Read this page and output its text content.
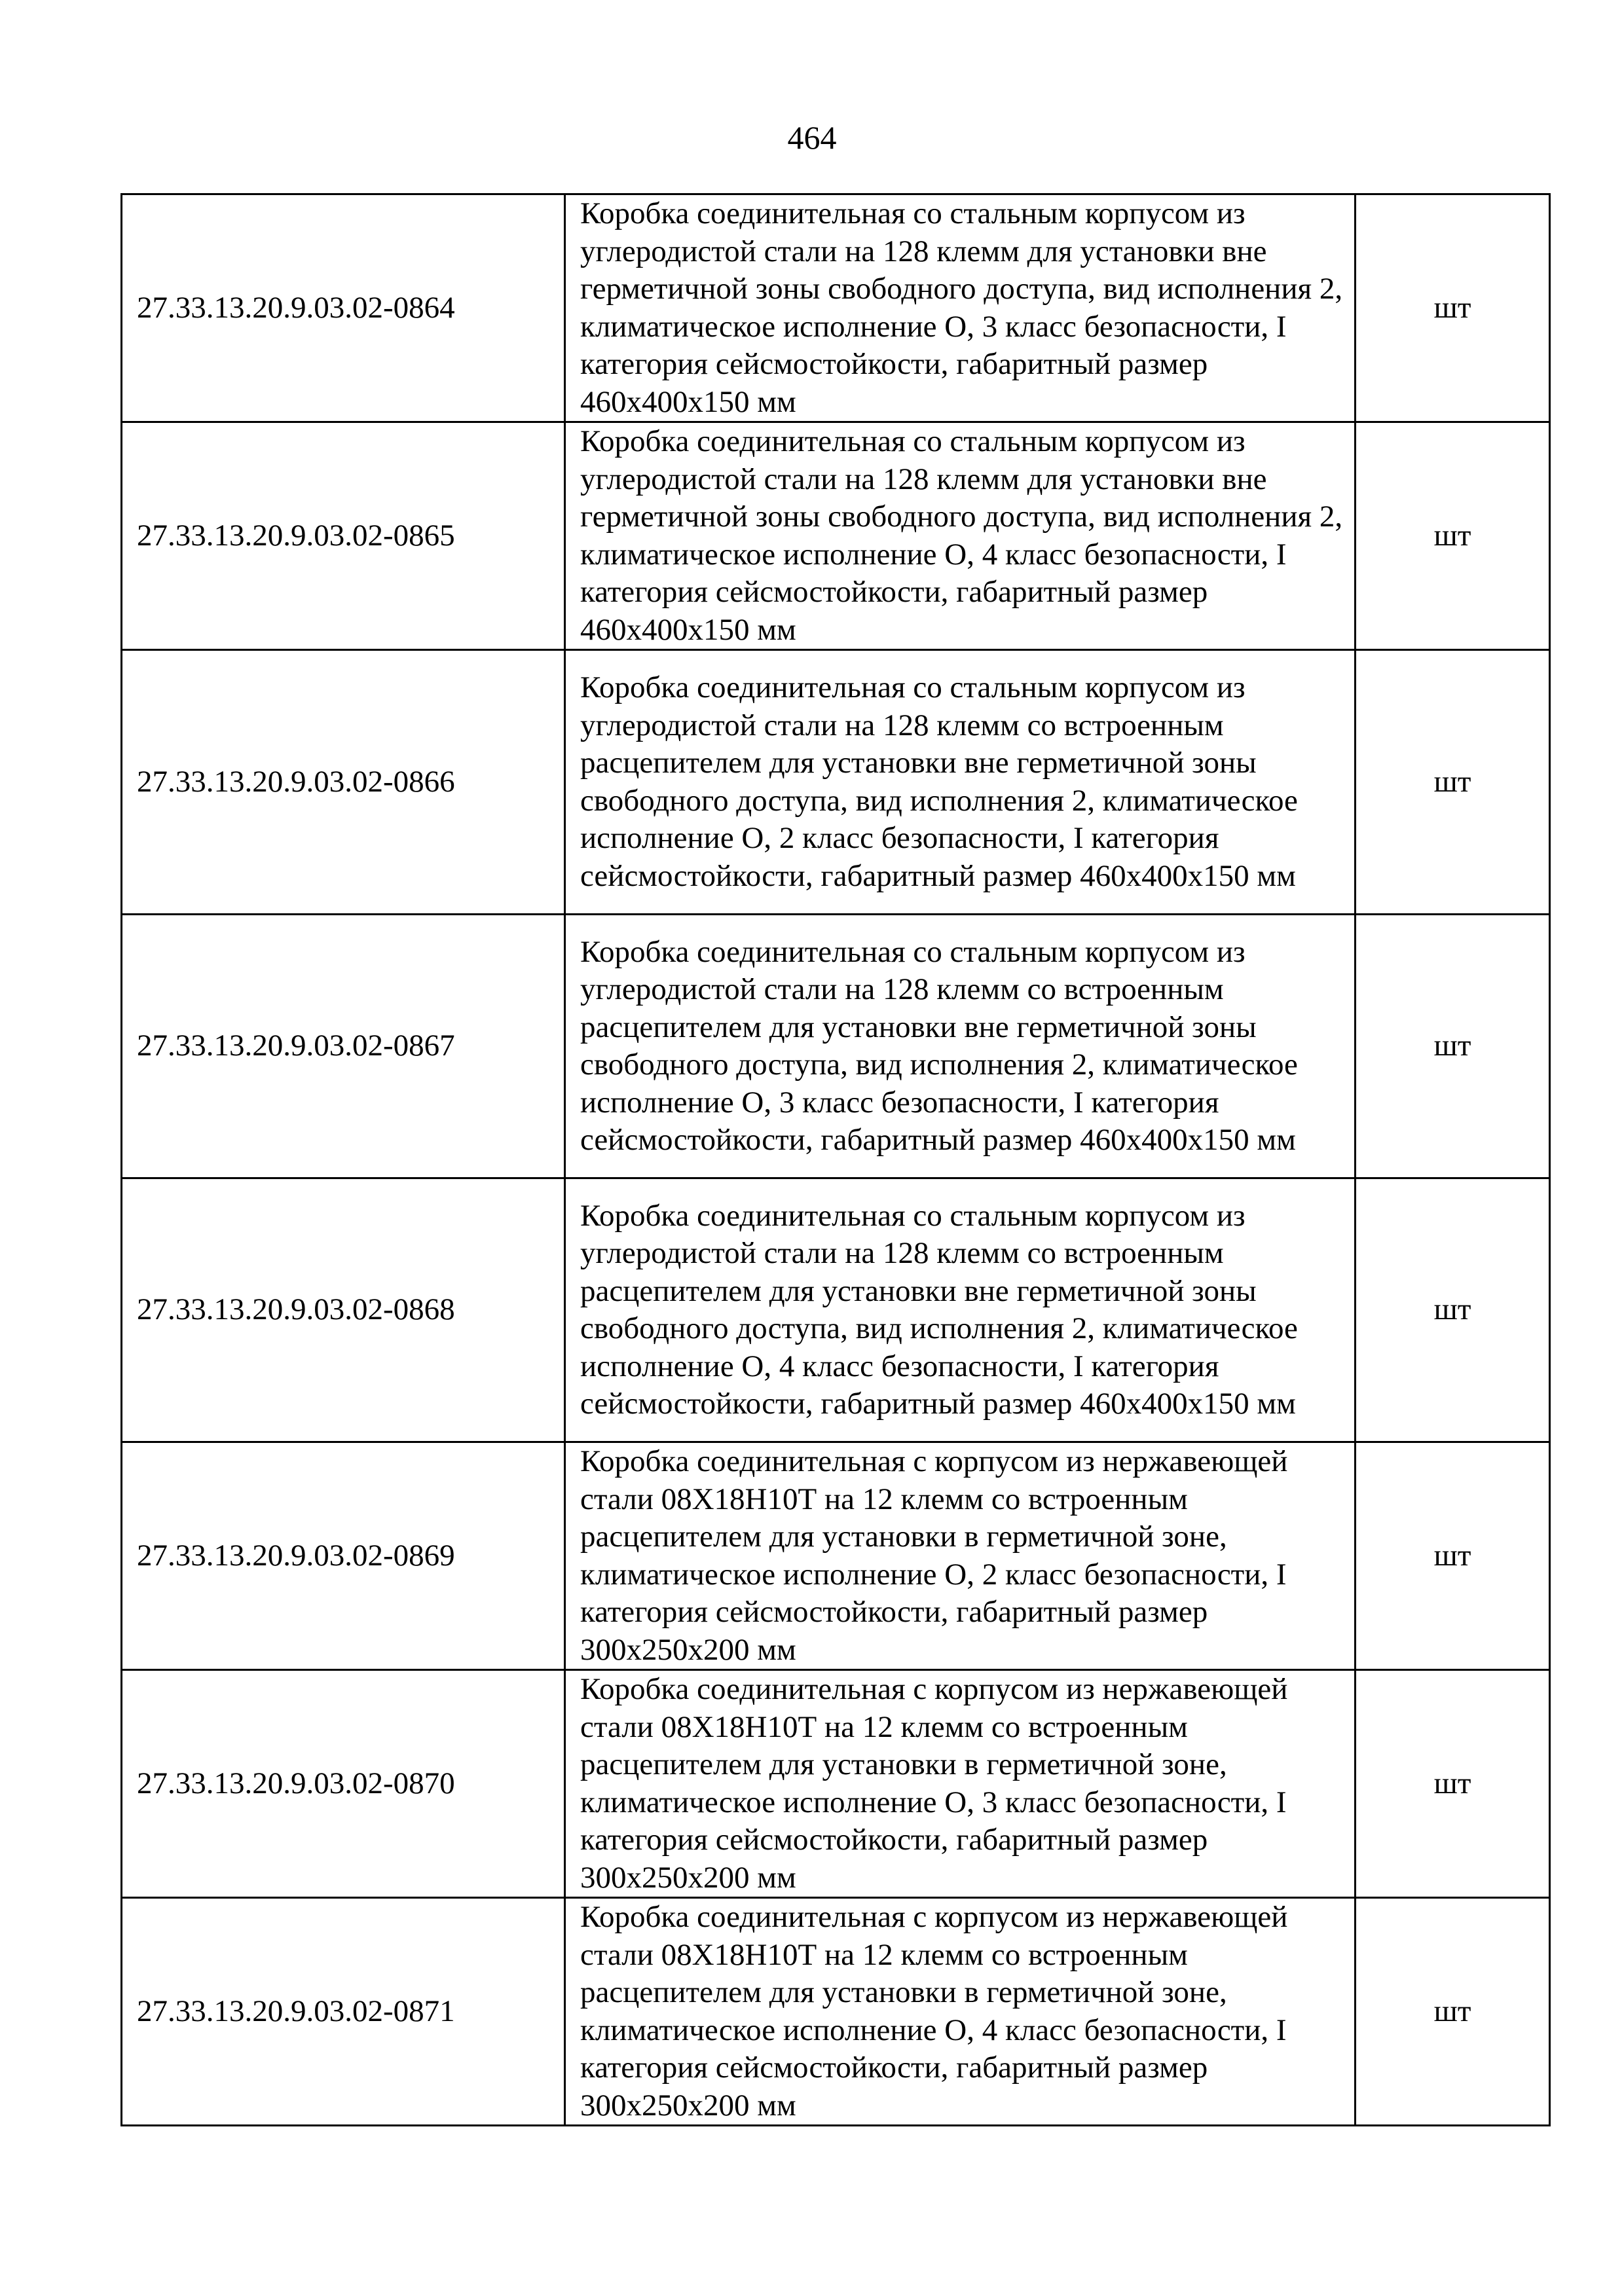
464
27.33.13.20.9.03.02-0864	Коробка соединительная со стальным корпусом из углеродистой стали на 128 клемм для установки вне герметичной зоны свободного доступа, вид исполнения 2, климатическое исполнение О, 3 класс безопасности, I категория сейсмостойкости, габаритный размер 460х400х150 мм	шт
27.33.13.20.9.03.02-0865	Коробка соединительная со стальным корпусом из углеродистой стали на 128 клемм для установки вне герметичной зоны свободного доступа, вид исполнения 2, климатическое исполнение О, 4 класс безопасности, I категория сейсмостойкости, габаритный размер 460х400х150 мм	шт
27.33.13.20.9.03.02-0866	Коробка соединительная со стальным корпусом из углеродистой стали на 128 клемм со встроенным расцепителем для установки вне герметичной зоны свободного доступа, вид исполнения 2, климатическое исполнение О, 2 класс безопасности, I категория сейсмостойкости, габаритный размер 460х400х150 мм	шт
27.33.13.20.9.03.02-0867	Коробка соединительная со стальным корпусом из углеродистой стали на 128 клемм со встроенным расцепителем для установки вне герметичной зоны свободного доступа, вид исполнения 2, климатическое исполнение О, 3 класс безопасности, I категория сейсмостойкости, габаритный размер 460х400х150 мм	шт
27.33.13.20.9.03.02-0868	Коробка соединительная со стальным корпусом из углеродистой стали на 128 клемм со встроенным расцепителем для установки вне герметичной зоны свободного доступа, вид исполнения 2, климатическое исполнение О, 4 класс безопасности, I категория сейсмостойкости, габаритный размер 460х400х150 мм	шт
27.33.13.20.9.03.02-0869	Коробка соединительная с корпусом из нержавеющей стали 08Х18Н10Т на 12 клемм со встроенным расцепителем для установки в герметичной зоне, климатическое исполнение О, 2 класс безопасности, I категория сейсмостойкости, габаритный размер 300х250х200 мм	шт
27.33.13.20.9.03.02-0870	Коробка соединительная с корпусом из нержавеющей стали 08Х18Н10Т на 12 клемм со встроенным расцепителем для установки в герметичной зоне, климатическое исполнение О, 3 класс безопасности, I категория сейсмостойкости, габаритный размер 300х250х200 мм	шт
27.33.13.20.9.03.02-0871	Коробка соединительная с корпусом из нержавеющей стали 08Х18Н10Т на 12 клемм со встроенным расцепителем для установки в герметичной зоне, климатическое исполнение О, 4 класс безопасности, I категория сейсмостойкости, габаритный размер 300х250х200 мм	шт
